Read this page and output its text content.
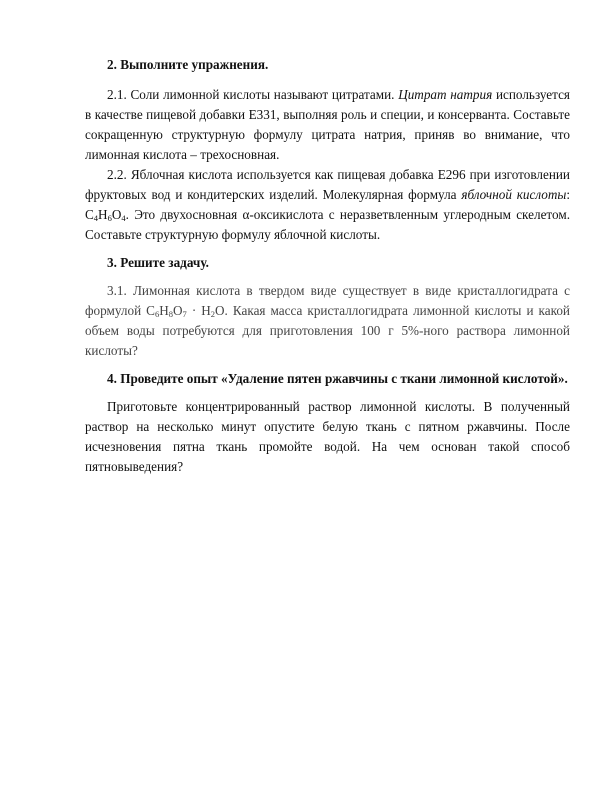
2. Выполните упражнения.

2.1. Соли лимонной кислоты называют цитратами. Цитрат натрия используется в качестве пищевой добавки Е331, выполняя роль и специи, и консерванта. Составьте сокращенную структурную формулу цитрата натрия, приняв во внимание, что лимонная кислота – трехосновная.

2.2. Яблочная кислота используется как пищевая добавка Е296 при изготовлении фруктовых вод и кондитерских изделий. Молекулярная формула яблочной кислоты: $C_4H_6O_4$. Это двухосновная α-оксикислота с неразветвленным углеродным скелетом. Составьте структурную формулу яблочной кислоты.

3. Решите задачу.

3.1. Лимонная кислота в твердом виде существует в виде кристаллогидрата с формулой $C_6H_8O_7 \cdot H_2O$. Какая масса кристаллогидрата лимонной кислоты и какой объем воды потребуются для приготовления 100 г 5%-ного раствора лимонной кислоты?

4. Проведите опыт «Удаление пятен ржавчины с ткани лимонной кислотой».

Приготовьте концентрированный раствор лимонной кислоты. В полученный раствор на несколько минут опустите белую ткань с пятном ржавчины. После исчезновения пятна ткань промойте водой. На чем основан такой способ пятновыведения?
